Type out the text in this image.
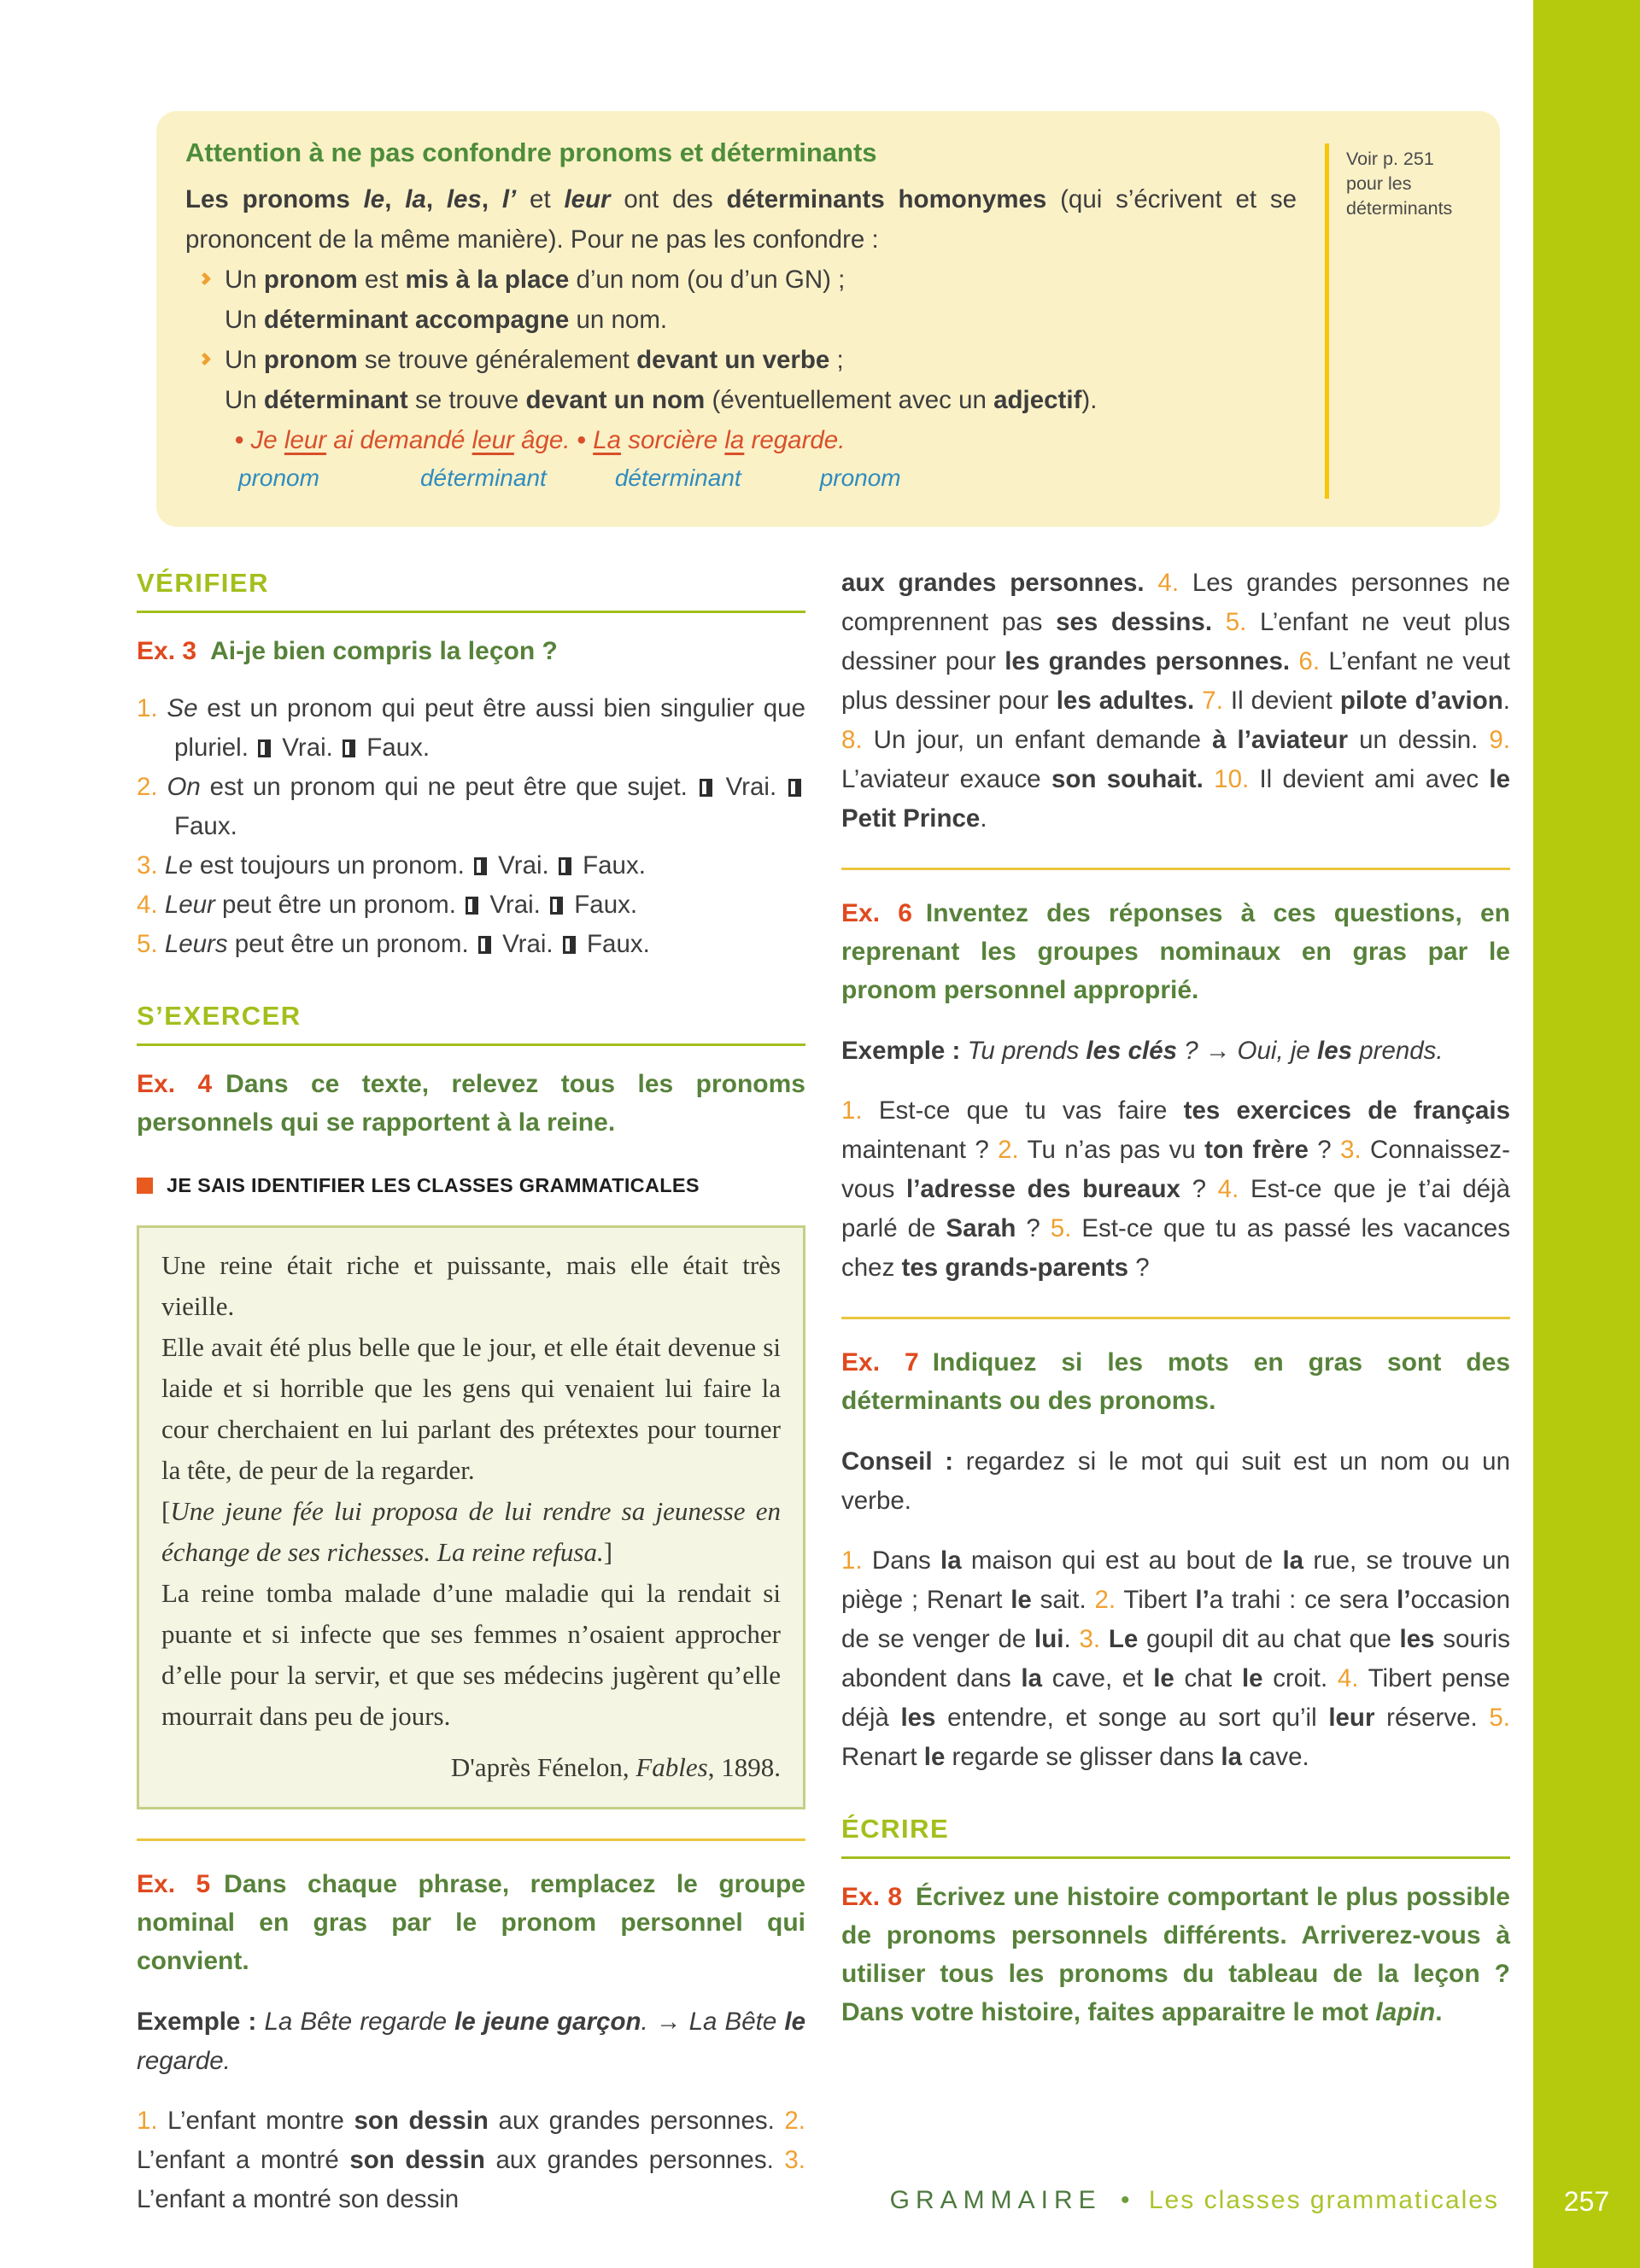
Attention à ne pas confondre pronoms et déterminants

Les pronoms le, la, les, l’ et leur ont des déterminants homonymes (qui s’écrivent et se prononcent de la même manière). Pour ne pas les confondre :

Un pronom est mis à la place d’un nom (ou d’un GN) ;

Un déterminant accompagne un nom.

Un pronom se trouve généralement devant un verbe ;

Un déterminant se trouve devant un nom (éventuellement avec un adjectif).

• Je leur ai demandé leur âge. • La sorcière la regarde.

pronom	déterminant	déterminant	pronom

Voir p. 251
pour les
déterminants

VÉRIFIER
Ex. 3 Ai-je bien compris la leçon ?

1. Se est un pronom qui peut être aussi bien singulier que pluriel.  Vrai.  Faux.

2. On est un pronom qui ne peut être que sujet.  Vrai.  Faux.

3. Le est toujours un pronom.  Vrai.  Faux.

4. Leur peut être un pronom.  Vrai.  Faux.

5. Leurs peut être un pronom.  Vrai.  Faux.

S’EXERCER
Ex. 4 Dans ce texte, relevez tous les pronoms personnels qui se rapportent à la reine.
JE SAIS IDENTIFIER LES CLASSES GRAMMATICALES

Une reine était riche et puissante, mais elle était très vieille.

Elle avait été plus belle que le jour, et elle était devenue si laide et si horrible que les gens qui venaient lui faire la cour cherchaient en lui parlant des prétextes pour tourner la tête, de peur de la regarder.

[Une jeune fée lui proposa de lui rendre sa jeunesse en échange de ses richesses. La reine refusa.]

La reine tomba malade d’une maladie qui la rendait si puante et si infecte que ses femmes n’osaient approcher d’elle pour la servir, et que ses médecins jugèrent qu’elle mourrait dans peu de jours.

D'après Fénelon, Fables, 1898.

Ex. 5 Dans chaque phrase, remplacez le groupe nominal en gras par le pronom personnel qui convient.

Exemple : La Bête regarde le jeune garçon. → La Bête le regarde.

1. L’enfant montre son dessin aux grandes personnes. 2. L’enfant a montré son dessin aux grandes personnes. 3. L’enfant a montré son dessin

aux grandes personnes. 4. Les grandes personnes ne comprennent pas ses dessins. 5. L’enfant ne veut plus dessiner pour les grandes personnes. 6. L’enfant ne veut plus dessiner pour les adultes. 7. Il devient pilote d’avion. 8. Un jour, un enfant demande à l’aviateur un dessin. 9. L’aviateur exauce son souhait. 10. Il devient ami avec le Petit Prince.

Ex. 6 Inventez des réponses à ces questions, en reprenant les groupes nominaux en gras par le pronom personnel approprié.

Exemple : Tu prends les clés ? → Oui, je les prends.

1. Est-ce que tu vas faire tes exercices de français maintenant ? 2. Tu n’as pas vu ton frère ? 3. Connaissez-vous l’adresse des bureaux ? 4. Est-ce que je t’ai déjà parlé de Sarah ? 5. Est-ce que tu as passé les vacances chez tes grands-parents ?

Ex. 7 Indiquez si les mots en gras sont des déterminants ou des pronoms.

Conseil : regardez si le mot qui suit est un nom ou un verbe.

1. Dans la maison qui est au bout de la rue, se trouve un piège ; Renart le sait. 2. Tibert l’a trahi : ce sera l’occasion de se venger de lui. 3. Le goupil dit au chat que les souris abondent dans la cave, et le chat le croit. 4. Tibert pense déjà les entendre, et songe au sort qu’il leur réserve. 5. Renart le regarde se glisser dans la cave.

ÉCRIRE
Ex. 8 Écrivez une histoire comportant le plus possible de pronoms personnels différents. Arriverez-vous à utiliser tous les pronoms du tableau de la leçon ? Dans votre histoire, faites apparaitre le mot lapin.
GRAMMAIRE • Les classes grammaticales	257
